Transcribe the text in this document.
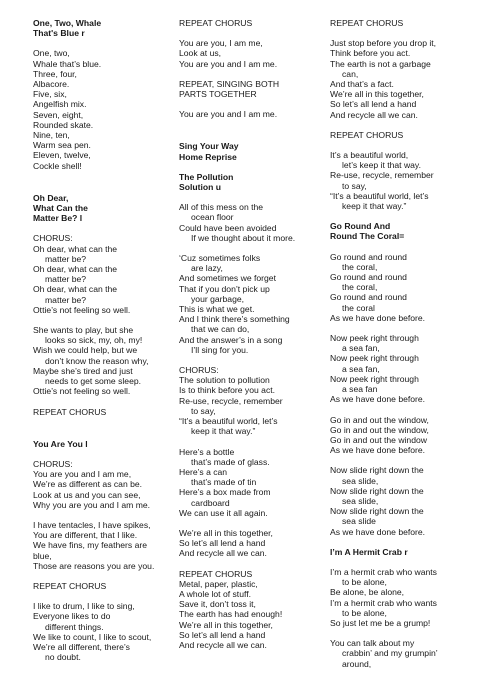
One, Two, Whale
That's Blue r
One, two,
Whale that’s blue.
Three, four,
Albacore.
Five, six,
Angelfish mix.
Seven, eight,
Rounded skate.
Nine, ten,
Warm sea pen.
Eleven, twelve,
Cockle shell!
Oh Dear,
What Can the
Matter Be? l
CHORUS:
Oh dear, what can the
matter be?
Oh dear, what can the
matter be?
Oh dear, what can the
matter be?
Ottie’s not feeling so well.
She wants to play, but she
looks so sick, my, oh, my!
Wish we could help, but we
don’t know the reason why,
Maybe she’s tired and just
needs to get some sleep.
Ottie’s not feeling so well.
REPEAT CHORUS
You Are You l
CHORUS:
You are you and I am me,
We’re as different as can be.
Look at us and you can see,
Why you are you and I am me.
I have tentacles, I have spikes,
You are different, that I like.
We have fins, my feathers are
blue,
Those are reasons you are you.
REPEAT CHORUS
I like to drum, I like to sing,
Everyone likes to do
different things.
We like to count, I like to scout,
We’re all different, there’s
no doubt.
REPEAT CHORUS
You are you, I am me,
Look at us,
You are you and I am me.
REPEAT, SINGING BOTH
PARTS TOGETHER
You are you and I am me.
Sing Your Way
Home Reprise
The Pollution
Solution u
All of this mess on the
ocean floor
Could have been avoided
If we thought about it more.
‘Cuz sometimes folks
are lazy,
And sometimes we forget
That if you don’t pick up
your garbage,
This is what we get.
And I think there’s something
that we can do,
And the answer’s in a song
I’ll sing for you.
CHORUS:
The solution to pollution
Is to think before you act.
Re-use, recycle, remember
to say,
“It’s a beautiful world, let’s
keep it that way.”
Here’s a bottle
that’s made of glass.
Here’s a can
that’s made of tin
Here’s a box made from
cardboard
We can use it all again.
We’re all in this together,
So let’s all lend a hand
And recycle all we can.
REPEAT CHORUS
Metal, paper, plastic,
A whole lot of stuff.
Save it, don’t toss it,
The earth has had enough!
We’re all in this together,
So let’s all lend a hand
And recycle all we can.
REPEAT CHORUS
Just stop before you drop it,
Think before you act.
The earth is not a garbage
can,
And that’s a fact.
We’re all in this together,
So let’s all lend a hand
And recycle all we can.
REPEAT CHORUS
It’s a beautiful world,
let’s keep it that way.
Re-use, recycle, remember
to say,
“It’s a beautiful world, let’s
keep it that way.”
Go Round And
Round The Coral=
Go round and round
the coral,
Go round and round
the coral,
Go round and round
the coral
As we have done before.
Now peek right through
a sea fan,
Now peek right through
a sea fan,
Now peek right through
a sea fan
As we have done before.
Go in and out the window,
Go in and out the window,
Go in and out the window
As we have done before.
Now slide right down the
sea slide,
Now slide right down the
sea slide,
Now slide right down the
sea slide
As we have done before.
I’m A Hermit Crab r
I’m a hermit crab who wants
to be alone,
Be alone, be alone,
I’m a hermit crab who wants
to be alone,
So just let me be a grump!
You can talk about my
crabbin’ and my grumpin’
around,
